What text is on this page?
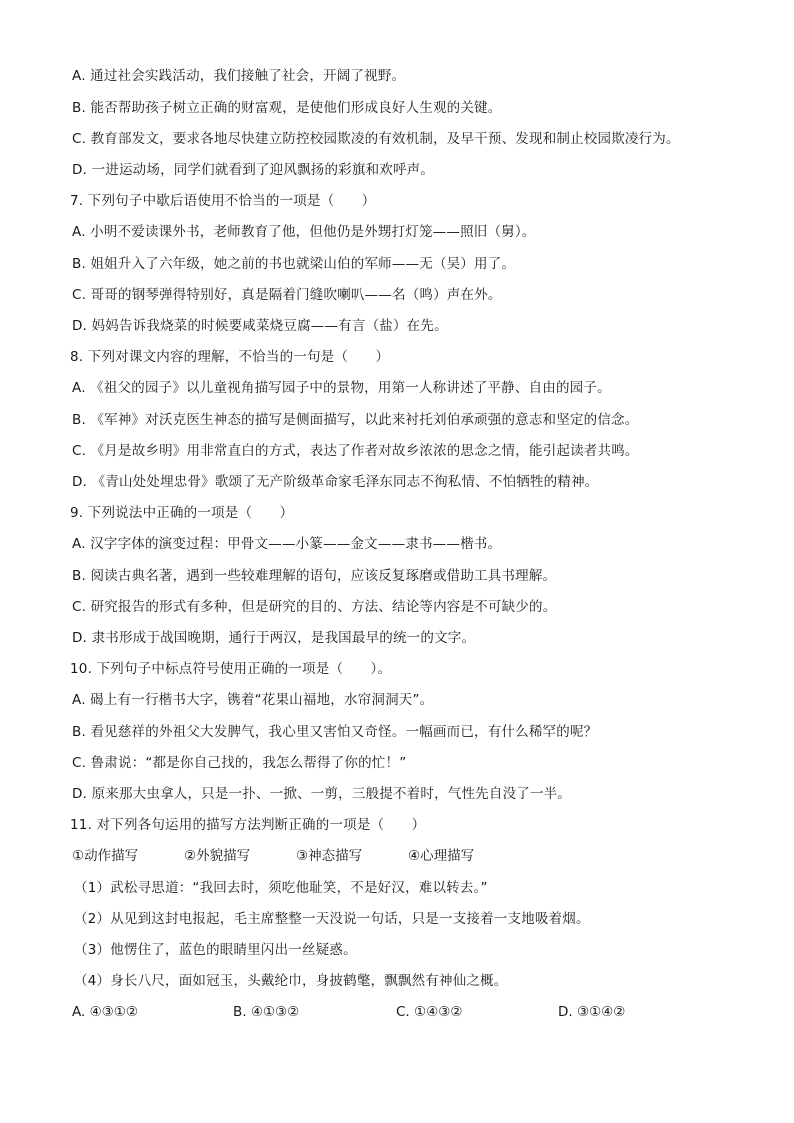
A. 通过社会实践活动，我们接触了社会，开阔了视野。
B. 能否帮助孩子树立正确的财富观，是使他们形成良好人生观的关键。
C. 教育部发文，要求各地尽快建立防控校园欺凌的有效机制，及早干预、发现和制止校园欺凌行为。
D. 一进运动场，同学们就看到了迎风飘扬的彩旗和欢呼声。
7. 下列句子中歇后语使用不恰当的一项是（　　）
A. 小明不爱读课外书，老师教育了他，但他仍是外甥打灯笼——照旧（舅）。
B. 姐姐升入了六年级，她之前的书也就梁山伯的军师——无（吴）用了。
C. 哥哥的钢琴弹得特别好，真是隔着门缝吹喇叭——名（鸣）声在外。
D. 妈妈告诉我烧菜的时候要咸菜烧豆腐——有言（盐）在先。
8. 下列对课文内容的理解，不恰当的一句是（　　）
A. 《祖父的园子》以儿童视角描写园子中的景物，用第一人称讲述了平静、自由的园子。
B. 《军神》对沃克医生神态的描写是侧面描写，以此来衬托刘伯承顽强的意志和坚定的信念。
C. 《月是故乡明》用非常直白的方式，表达了作者对故乡浓浓的思念之情，能引起读者共鸣。
D. 《青山处处埋忠骨》歌颂了无产阶级革命家毛泽东同志不徇私情、不怕牺牲的精神。
9. 下列说法中正确的一项是（　　）
A. 汉字字体的演变过程：甲骨文——小篆——金文——隶书——楷书。
B. 阅读古典名著，遇到一些较难理解的语句，应该反复琢磨或借助工具书理解。
C. 研究报告的形式有多种，但是研究的目的、方法、结论等内容是不可缺少的。
D. 隶书形成于战国晚期，通行于两汉，是我国最早的统一的文字。
10. 下列句子中标点符号使用正确的一项是（　　）。
A. 碣上有一行楷书大字，镌着“花果山福地，水帘洞洞天”。
B. 看见慈祥的外祖父大发脾气，我心里又害怕又奇怪。一幅画而已，有什么稀罕的呢？
C. 鲁肃说：“都是你自己找的，我怎么帮得了你的忙！”
D. 原来那大虫拿人，只是一扑、一掀、一剪，三般提不着时，气性先自没了一半。
11. 对下列各句运用的描写方法判断正确的一项是（　　）
①动作描写	②外貌描写	③神态描写	④心理描写
（1）武松寻思道：“我回去时，须吃他耻笑，不是好汉，难以转去。”
（2）从见到这封电报起，毛主席整整一天没说一句话，只是一支接着一支地吸着烟。
（3）他愣住了，蓝色的眼睛里闪出一丝疑惑。
（4）身长八尺，面如冠玉，头戴纶巾，身披鹤氅，飘飘然有神仙之概。
A. ④③①②	B. ④①③②	C. ①④③②	D. ③①④②
